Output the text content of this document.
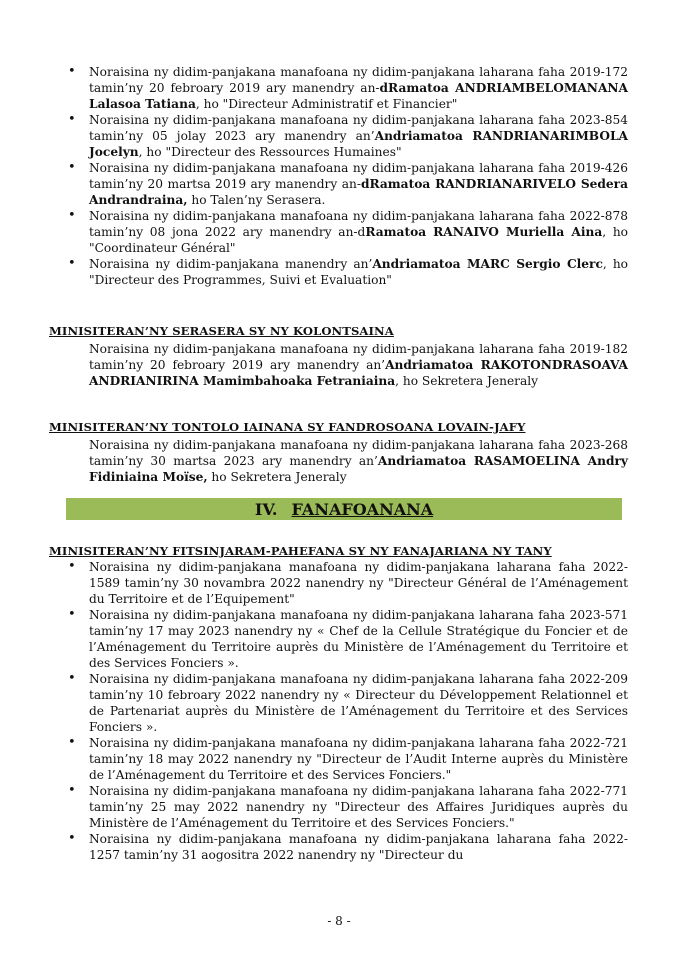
• Noraisina ny didim-panjakana manafoana ny didim-panjakana laharana faha 2019-172 tamin’ny 20 febroary 2019 ary manendry an-dRamatoa ANDRIAMBELOMANANA Lalasoa Tatiana, ho "Directeur Administratif et Financier"
• Noraisina ny didim-panjakana manafoana ny didim-panjakana laharana faha 2023-854 tamin’ny 05 jolay 2023 ary manendry an’Andriamatoa RANDRIANARIMBOLA Jocelyn, ho "Directeur des Ressources Humaines"
• Noraisina ny didim-panjakana manafoana ny didim-panjakana laharana faha 2019-426 tamin’ny 20 martsa 2019 ary manendry an-dRamatoa RANDRIANARIVELO Sedera Andrandraina, ho Talen’ny Serasera.
• Noraisina ny didim-panjakana manafoana ny didim-panjakana laharana faha 2022-878 tamin’ny 08 jona 2022 ary manendry an-dRamatoa RANAIVO Muriella Aina, ho "Coordinateur Général"
• Noraisina ny didim-panjakana manendry an’Andriamatoa MARC Sergio Clerc, ho "Directeur des Programmes, Suivi et Evaluation"
MINISITERAN’NY SERASERA SY NY KOLONTSAINA

Noraisina ny didim-panjakana manafoana ny didim-panjakana laharana faha 2019-182 tamin’ny 20 febroary 2019 ary manendry an’Andriamatoa RAKOTONDRASOAVA ANDRIANIRINA Mamimbahoaka Fetraniaina, ho Sekretera Jeneraly

MINISITERAN’NY TONTOLO IAINANA SY FANDROSOANA LOVAIN-JAFY

Noraisina ny didim-panjakana manafoana ny didim-panjakana laharana faha 2023-268 tamin’ny 30 martsa 2023 ary manendry an’Andriamatoa RASAMOELINA Andry Fidiniaina Moïse, ho Sekretera Jeneraly

IV. FANAFOANANA
MINISITERAN’NY FITSINJARAM-PAHEFANA SY NY FANAJARIANA NY TANY
• Noraisina ny didim-panjakana manafoana ny didim-panjakana laharana faha 2022-1589 tamin’ny 30 novambra 2022 nanendry ny "Directeur Général de l’Aménagement du Territoire et de l’Equipement"
• Noraisina ny didim-panjakana manafoana ny didim-panjakana laharana faha 2023-571 tamin’ny 17 may 2023 nanendry ny « Chef de la Cellule Stratégique du Foncier et de l’Aménagement du Territoire auprès du Ministère de l’Aménagement du Territoire et des Services Fonciers ».
• Noraisina ny didim-panjakana manafoana ny didim-panjakana laharana faha 2022-209 tamin’ny 10 febroary 2022 nanendry ny « Directeur du Développement Relationnel et de Partenariat auprès du Ministère de l’Aménagement du Territoire et des Services Fonciers ».
• Noraisina ny didim-panjakana manafoana ny didim-panjakana laharana faha 2022-721 tamin’ny 18 may 2022 nanendry ny "Directeur de l’Audit Interne auprès du Ministère de l’Aménagement du Territoire et des Services Fonciers."
• Noraisina ny didim-panjakana manafoana ny didim-panjakana laharana faha 2022-771 tamin’ny 25 may 2022 nanendry ny "Directeur des Affaires Juridiques auprès du Ministère de l’Aménagement du Territoire et des Services Fonciers."
• Noraisina ny didim-panjakana manafoana ny didim-panjakana laharana faha 2022-1257 tamin’ny 31 aogositra 2022 nanendry ny "Directeur du
- 8 -
